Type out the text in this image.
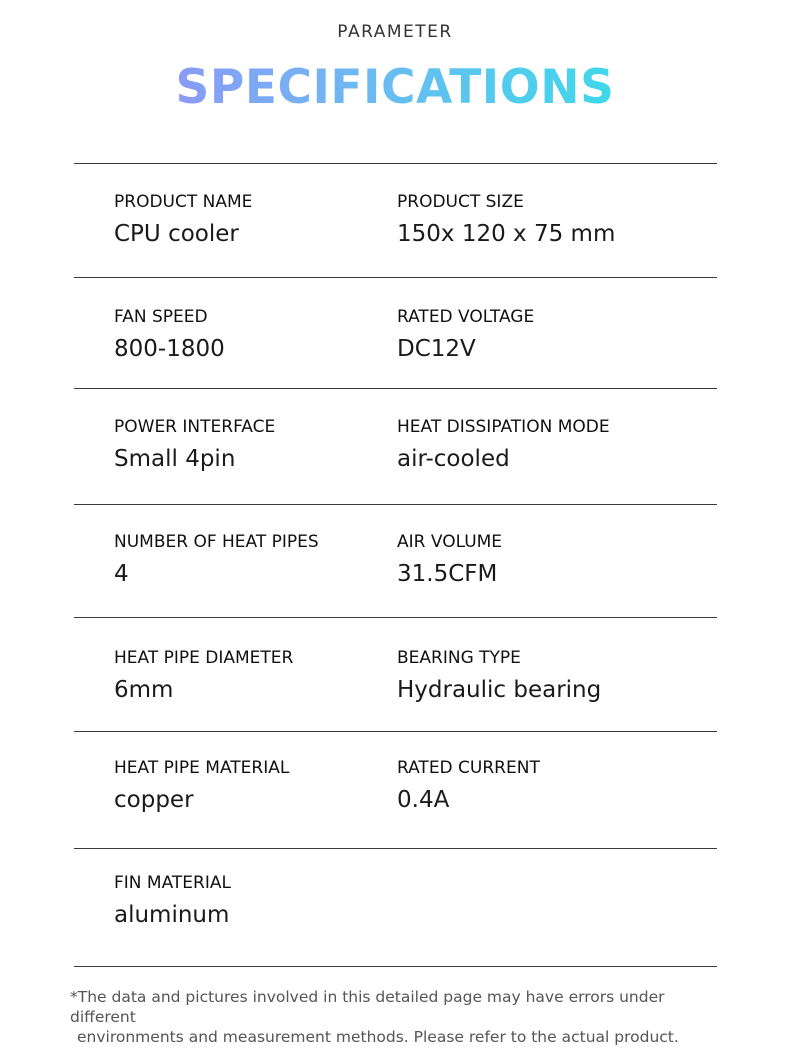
PARAMETER
SPECIFICATIONS
PRODUCT NAME
CPU cooler
PRODUCT SIZE
150x 120 x 75 mm
FAN SPEED
800-1800
RATED VOLTAGE
DC12V
POWER INTERFACE
Small 4pin
HEAT DISSIPATION MODE
air-cooled
NUMBER OF HEAT PIPES
4
AIR VOLUME
31.5CFM
HEAT PIPE DIAMETER
6mm
BEARING TYPE
Hydraulic bearing
HEAT PIPE MATERIAL
copper
RATED CURRENT
0.4A
FIN MATERIAL
aluminum
*The data and pictures involved in this detailed page may have errors under different
environments and measurement methods. Please refer to the actual product.
